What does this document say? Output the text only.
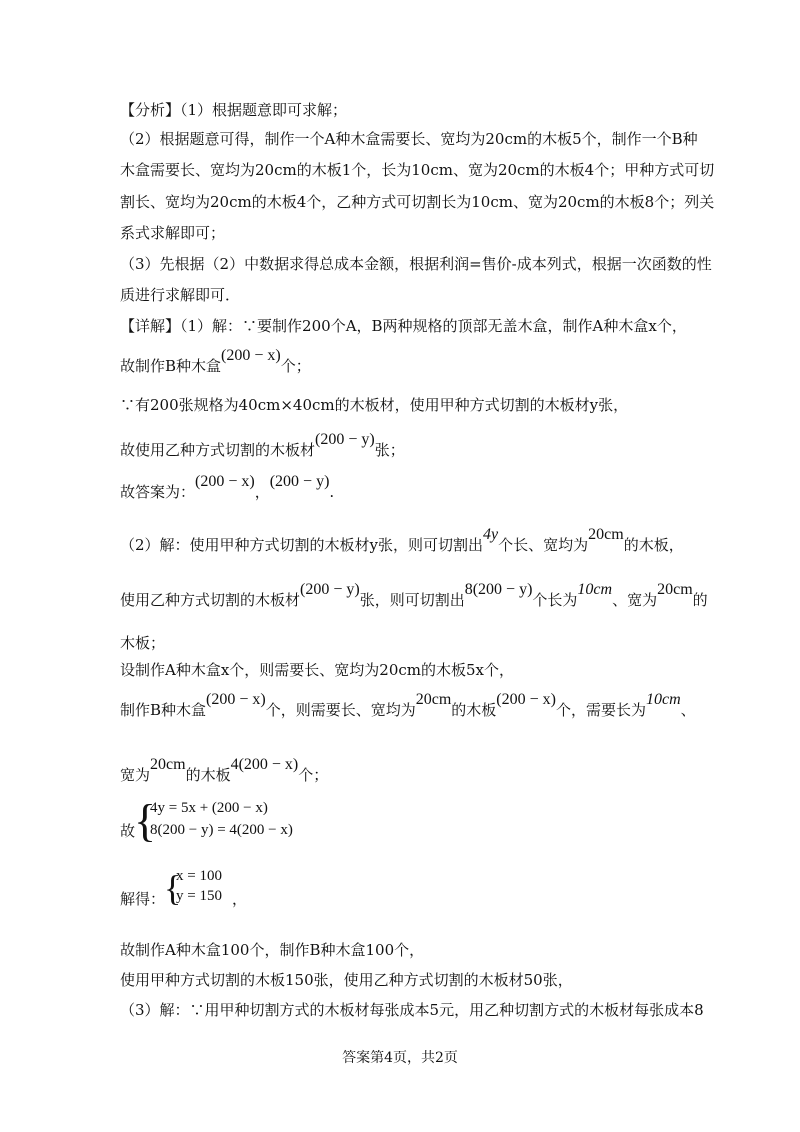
【分析】（1）根据题意即可求解；
（2）根据题意可得，制作一个A种木盒需要长、宽均为20cm的木板5个，制作一个B种
木盒需要长、宽均为20cm的木板1个，长为10cm、宽为20cm的木板4个；甲种方式可切
割长、宽均为20cm的木板4个，乙种方式可切割长为10cm、宽为20cm的木板8个；列关
系式求解即可；
（3）先根据（2）中数据求得总成本金额，根据利润=售价-成本列式，根据一次函数的性
质进行求解即可．
【详解】（1）解：∵要制作200个A，B两种规格的顶部无盖木盒，制作A种木盒x个，
故制作B种木盒(200 − x)个；
∵有200张规格为40cm×40cm的木板材，使用甲种方式切割的木板材y张，
故使用乙种方式切割的木板材(200 − y)张；
故答案为：(200 − x)，(200 − y).
（2）解：使用甲种方式切割的木板材y张，则可切割出4y个长、宽均为20cm的木板，
使用乙种方式切割的木板材(200 − y)张，则可切割出8(200 − y)个长为10cm、宽为20cm的
木板；
设制作A种木盒x个，则需要长、宽均为20cm的木板5x个，
制作B种木盒(200 − x)个，则需要长、宽均为20cm的木板(200 − x)个，需要长为10cm、
宽为20cm的木板4(200 − x)个；
故
{
4y = 5x + (200 − x)
8(200 − y) = 4(200 − x)
解得：
{
x = 100
y = 150 ，
故制作A种木盒100个，制作B种木盒100个，
使用甲种方式切割的木板150张，使用乙种方式切割的木板材50张，
（3）解：∵用甲种切割方式的木板材每张成本5元，用乙种切割方式的木板材每张成本8
答案第4页，共2页
